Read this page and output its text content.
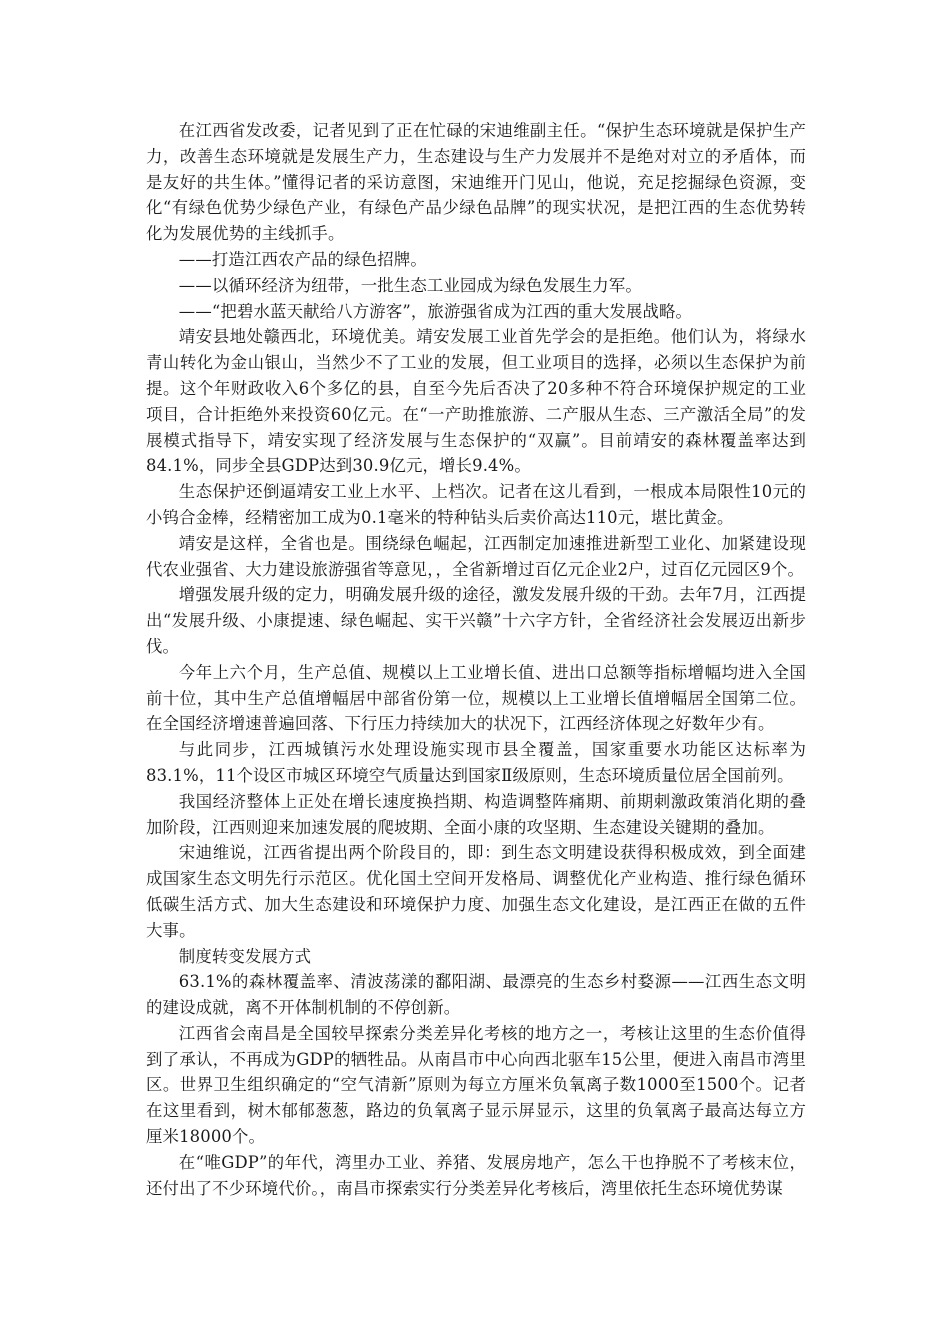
在江西省发改委，记者见到了正在忙碌的宋迪维副主任。“保护生态环境就是保护生产力，改善生态环境就是发展生产力，生态建设与生产力发展并不是绝对对立的矛盾体，而是友好的共生体。”懂得记者的采访意图，宋迪维开门见山，他说，充足挖掘绿色资源，变化“有绿色优势少绿色产业，有绿色产品少绿色品牌”的现实状况，是把江西的生态优势转化为发展优势的主线抓手。

——打造江西农产品的绿色招牌。

——以循环经济为纽带，一批生态工业园成为绿色发展生力军。

——“把碧水蓝天献给八方游客”，旅游强省成为江西的重大发展战略。

靖安县地处赣西北，环境优美。靖安发展工业首先学会的是拒绝。他们认为，将绿水青山转化为金山银山，当然少不了工业的发展，但工业项目的选择，必须以生态保护为前提。这个年财政收入6个多亿的县，自至今先后否决了20多种不符合环境保护规定的工业项目，合计拒绝外来投资60亿元。在“一产助推旅游、二产服从生态、三产激活全局”的发展模式指导下，靖安实现了经济发展与生态保护的“双赢”。目前靖安的森林覆盖率达到84.1%，同步全县GDP达到30.9亿元，增长9.4%。

生态保护还倒逼靖安工业上水平、上档次。记者在这儿看到，一根成本局限性10元的小钨合金棒，经精密加工成为0.1毫米的特种钻头后卖价高达110元，堪比黄金。

靖安是这样，全省也是。围绕绿色崛起，江西制定加速推进新型工业化、加紧建设现代农业强省、大力建设旅游强省等意见，，全省新增过百亿元企业2户，过百亿元园区9个。

增强发展升级的定力，明确发展升级的途径，激发发展升级的干劲。去年7月，江西提出“发展升级、小康提速、绿色崛起、实干兴赣”十六字方针，全省经济社会发展迈出新步伐。

今年上六个月，生产总值、规模以上工业增长值、进出口总额等指标增幅均进入全国前十位，其中生产总值增幅居中部省份第一位，规模以上工业增长值增幅居全国第二位。在全国经济增速普遍回落、下行压力持续加大的状况下，江西经济体现之好数年少有。

与此同步，江西城镇污水处理设施实现市县全覆盖，国家重要水功能区达标率为83.1%，11个设区市城区环境空气质量达到国家Ⅱ级原则，生态环境质量位居全国前列。

我国经济整体上正处在增长速度换挡期、构造调整阵痛期、前期刺激政策消化期的叠加阶段，江西则迎来加速发展的爬坡期、全面小康的攻坚期、生态建设关键期的叠加。

宋迪维说，江西省提出两个阶段目的，即：到生态文明建设获得积极成效，到全面建成国家生态文明先行示范区。优化国土空间开发格局、调整优化产业构造、推行绿色循环低碳生活方式、加大生态建设和环境保护力度、加强生态文化建设，是江西正在做的五件大事。

制度转变发展方式

63.1%的森林覆盖率、清波荡漾的鄱阳湖、最漂亮的生态乡村婺源——江西生态文明的建设成就，离不开体制机制的不停创新。

江西省会南昌是全国较早探索分类差异化考核的地方之一，考核让这里的生态价值得到了承认，不再成为GDP的牺牲品。从南昌市中心向西北驱车15公里，便进入南昌市湾里区。世界卫生组织确定的“空气清新”原则为每立方厘米负氧离子数1000至1500个。记者在这里看到，树木郁郁葱葱，路边的负氧离子显示屏显示，这里的负氧离子最高达每立方厘米18000个。

在“唯GDP”的年代，湾里办工业、养猪、发展房地产，怎么干也挣脱不了考核末位，还付出了不少环境代价。，南昌市探索实行分类差异化考核后，湾里依托生态环境优势谋
